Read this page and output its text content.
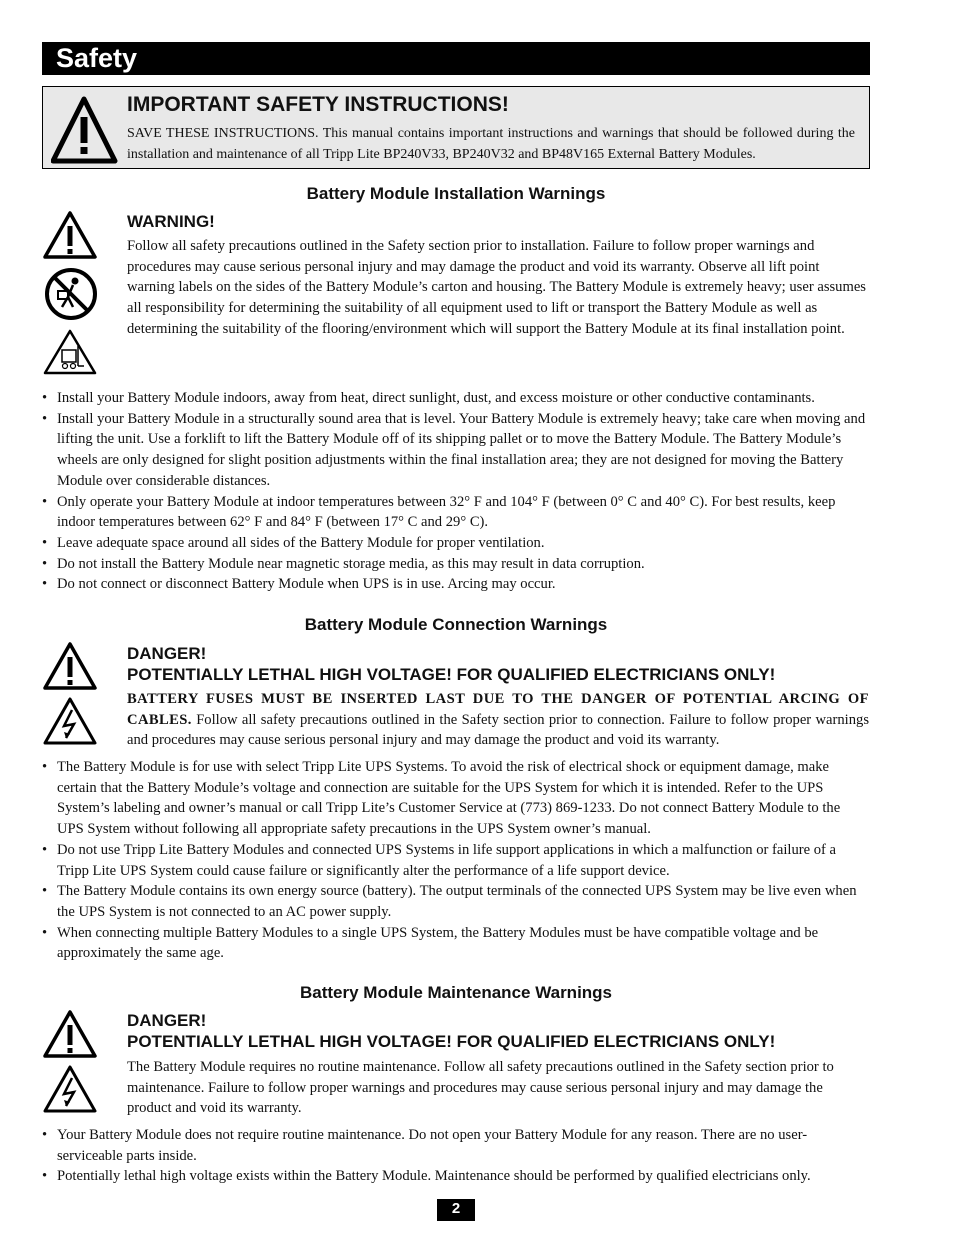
Safety
IMPORTANT SAFETY INSTRUCTIONS!

SAVE THESE INSTRUCTIONS. This manual contains important instructions and warnings that should be followed during the installation and maintenance of all Tripp Lite BP240V33, BP240V32 and BP48V165 External Battery Modules.

Battery Module Installation Warnings
WARNING!

Follow all safety precautions outlined in the Safety section prior to installation. Failure to follow proper warnings and procedures may cause serious personal injury and may damage the product and void its warranty. Observe all lift point warning labels on the sides of the Battery Module’s carton and housing. The Battery Module is extremely heavy; user assumes all responsibility for determining the suitability of all equipment used to lift or transport the Battery Module as well as determining the suitability of the flooring/environment which will support the Battery Module at its final installation point.

• Install your Battery Module indoors, away from heat, direct sunlight, dust, and excess moisture or other conductive contaminants.
• Install your Battery Module in a structurally sound area that is level. Your Battery Module is extremely heavy; take care when moving and lifting the unit. Use a forklift to lift the Battery Module off of its shipping pallet or to move the Battery Module. The Battery Module’s wheels are only designed for slight position adjustments within the final installation area; they are not designed for moving the Battery Module over considerable distances.
• Only operate your Battery Module at indoor temperatures between 32° F and 104° F (between 0° C and 40° C). For best results, keep indoor temperatures between 62° F and 84° F (between 17° C and 29° C).
• Leave adequate space around all sides of the Battery Module for proper ventilation.
• Do not install the Battery Module near magnetic storage media, as this may result in data corruption.
• Do not connect or disconnect Battery Module when UPS is in use. Arcing may occur.
Battery Module Connection Warnings
DANGER!
POTENTIALLY LETHAL HIGH VOLTAGE! FOR QUALIFIED ELECTRICIANS ONLY!

BATTERY FUSES MUST BE INSERTED LAST DUE TO THE DANGER OF POTENTIAL ARCING OF CABLES. Follow all safety precautions outlined in the Safety section prior to connection. Failure to follow proper warnings and procedures may cause serious personal injury and may damage the product and void its warranty.

• The Battery Module is for use with select Tripp Lite UPS Systems. To avoid the risk of electrical shock or equipment damage, make certain that the Battery Module’s voltage and connection are suitable for the UPS System for which it is intended. Refer to the UPS System’s labeling and owner’s manual or call Tripp Lite’s Customer Service at (773) 869-1233. Do not connect Battery Module to the UPS System without following all appropriate safety precautions in the UPS System owner’s manual.
• Do not use Tripp Lite Battery Modules and connected UPS Systems in life support applications in which a malfunction or failure of a Tripp Lite UPS System could cause failure or significantly alter the performance of a life support device.
• The Battery Module contains its own energy source (battery). The output terminals of the connected UPS System may be live even when the UPS System is not connected to an AC power supply.
• When connecting multiple Battery Modules to a single UPS System, the Battery Modules must be have compatible voltage and be approximately the same age.
Battery Module Maintenance Warnings
DANGER!
POTENTIALLY LETHAL HIGH VOLTAGE! FOR QUALIFIED ELECTRICIANS ONLY!

The Battery Module requires no routine maintenance. Follow all safety precautions outlined in the Safety section prior to maintenance. Failure to follow proper warnings and procedures may cause serious personal injury and may damage the product and void its warranty.

• Your Battery Module does not require routine maintenance. Do not open your Battery Module for any reason. There are no user-serviceable parts inside.
• Potentially lethal high voltage exists within the Battery Module. Maintenance should be performed by qualified electricians only.
2
